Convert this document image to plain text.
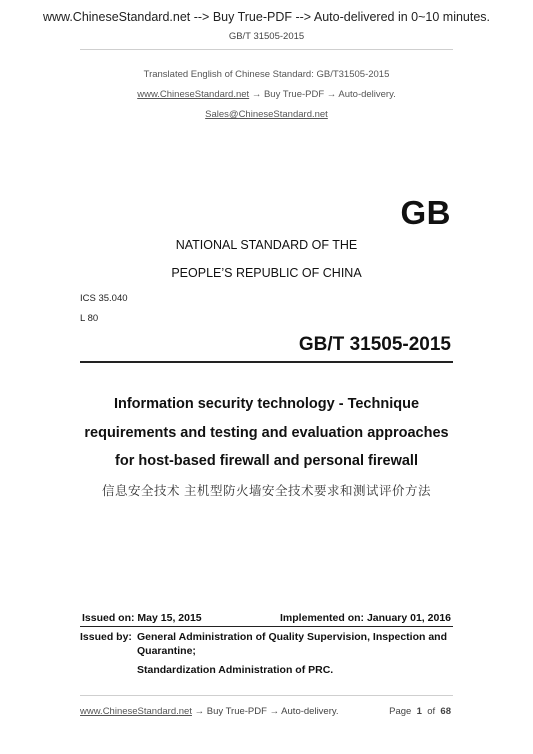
www.ChineseStandard.net --> Buy True-PDF --> Auto-delivered in 0~10 minutes.
GB/T 31505-2015
Translated English of Chinese Standard: GB/T31505-2015
www.ChineseStandard.net → Buy True-PDF → Auto-delivery.
Sales@ChineseStandard.net
GB
NATIONAL STANDARD OF THE
PEOPLE’S REPUBLIC OF CHINA
ICS 35.040
L 80
GB/T 31505-2015
Information security technology - Technique
requirements and testing and evaluation approaches
for host-based firewall and personal firewall
信息安全技术 主机型防火墙安全技术要求和测试评价方法
Issued on: May 15, 2015	Implemented on: January 01, 2016
Issued by: General Administration of Quality Supervision, Inspection and
Quarantine;
Standardization Administration of PRC.
www.ChineseStandard.net → Buy True-PDF → Auto-delivery.	Page 1 of 68
